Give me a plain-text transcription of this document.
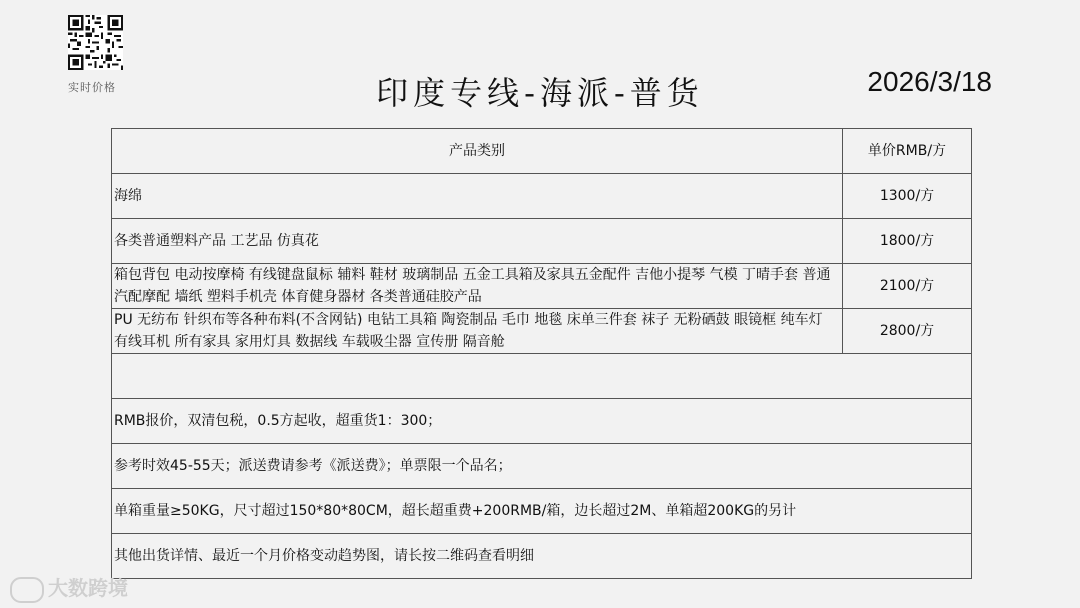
实时价格	印度专线-海派-普货	2026/3/18
产品类别	单价RMB/方
海绵	1300/方
各类普通塑料产品 工艺品 仿真花	1800/方
箱包背包 电动按摩椅 有线键盘鼠标 辅料 鞋材 玻璃制品 五金工具箱及家具五金配件 吉他小提琴 气模 丁晴手套 普通汽配摩配 墙纸 塑料手机壳 体育健身器材 各类普通硅胶产品	2100/方
PU 无纺布 针织布等各种布料(不含网钻) 电钻工具箱 陶瓷制品 毛巾 地毯 床单三件套 袜子 无粉硒鼓 眼镜框 纯车灯 有线耳机 所有家具 家用灯具 数据线 车载吸尘器 宣传册 隔音舱	2800/方

RMB报价，双清包税，0.5方起收，超重货1：300；	
参考时效45-55天；派送费请参考《派送费》；单票限一个品名；	
单箱重量≥50KG，尺寸超过150*80*80CM，超长超重费+200RMB/箱，边长超过2M、单箱超200KG的另计	
其他出货详情、最近一个月价格变动趋势图，请长按二维码查看明细	
大数跨境
